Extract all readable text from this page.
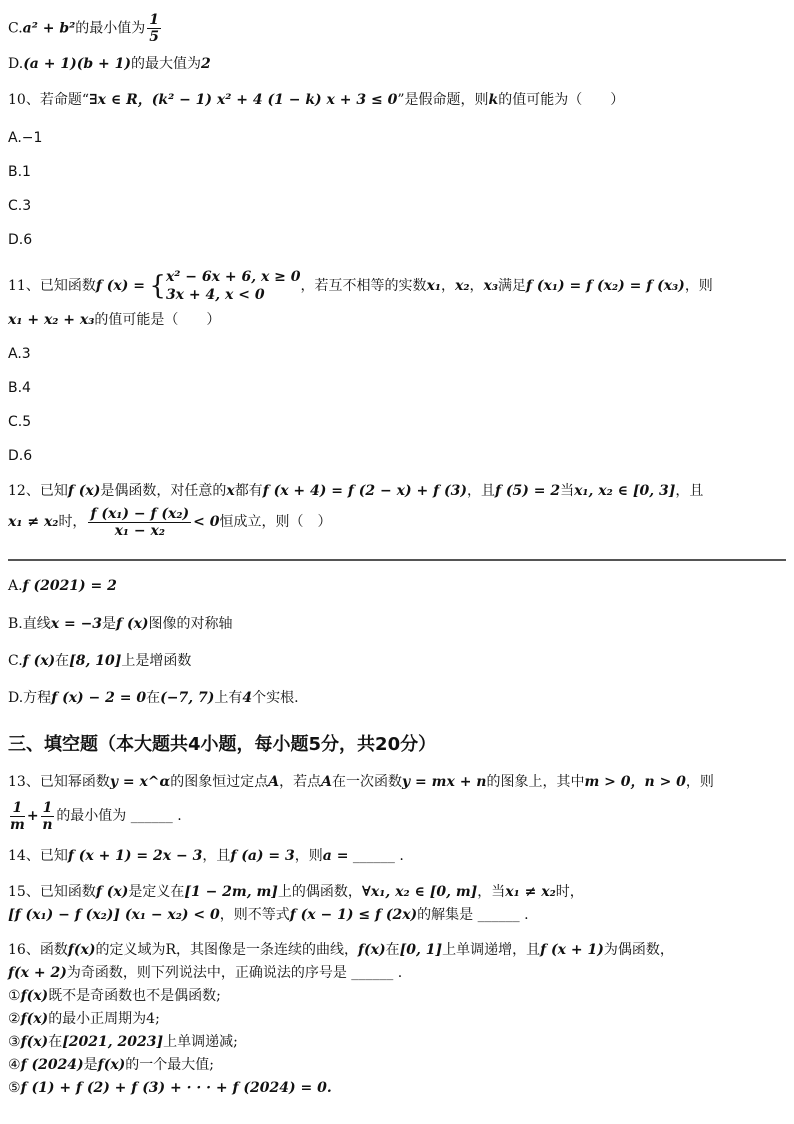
C.a² + b²的最小值为 $\frac{1}{5}$
D.(a + 1)(b + 1)的最大值为2
10、若命题“∃x ∈ R，(k² − 1) x² + 4 (1 − k) x + 3 ≤ 0”是假命题，则k的值可能为（　　）
A.−1
B.1
C.3
D.6
11、已知函数f (x) = { x² − 6x + 6, x ≥ 0
3x + 4, x < 0
，若互不相等的实数x₁，x₂，x₃满足f (x₁) = f (x₂) = f (x₃)，则
x₁ + x₂ + x₃的值可能是（　　）
A.3
B.4
C.5
D.6
12、已知f (x)是偶函数，对任意的x都有f (x + 4) = f (2 − x) + f (3)，且f (5) = 2当x₁, x₂ ∈ [0, 3]，且
x₁ ≠ x₂时， $\frac{\text{f (x₁) − f (x₂)}}{\text{x₁ − x₂}} < 0$恒成立，则（　）
A.f (2021) = 2
B.直线x = −3是f (x)图像的对称轴
C.f (x)在[8, 10]上是增函数
D.方程f (x) − 2 = 0在(−7, 7)上有4个实根.
三、填空题（本大题共4小题，每小题5分，共20分）
13、已知幂函数y = x^α的图象恒过定点A，若点A在一次函数y = mx + n的图象上，其中m > 0，n > 0，则
$\frac{1}{m} + \frac{1}{n}$ 的最小值为 ______ .
14、已知f (x + 1) = 2x − 3，且f (a) = 3，则a = ______ .
15、已知函数f (x)是定义在[1 − 2m, m]上的偶函数，∀x₁, x₂ ∈ [0, m]，当x₁ ≠ x₂时，
[f (x₁) − f (x₂)] (x₁ − x₂) < 0，则不等式f (x − 1) ≤ f (2x)的解集是 ______ .
16、函数f(x)的定义域为R，其图像是一条连续的曲线，f(x)在[0, 1]上单调递增，且f (x + 1)为偶函数，
f(x + 2)为奇函数，则下列说法中，正确说法的序号是 ______ .
①f(x)既不是奇函数也不是偶函数;
②f(x)的最小正周期为4;
③f(x)在[2021, 2023]上单调递减;
④f (2024)是f(x)的一个最大值;
⑤f (1) + f (2) + f (3) + · · · + f (2024) = 0.
